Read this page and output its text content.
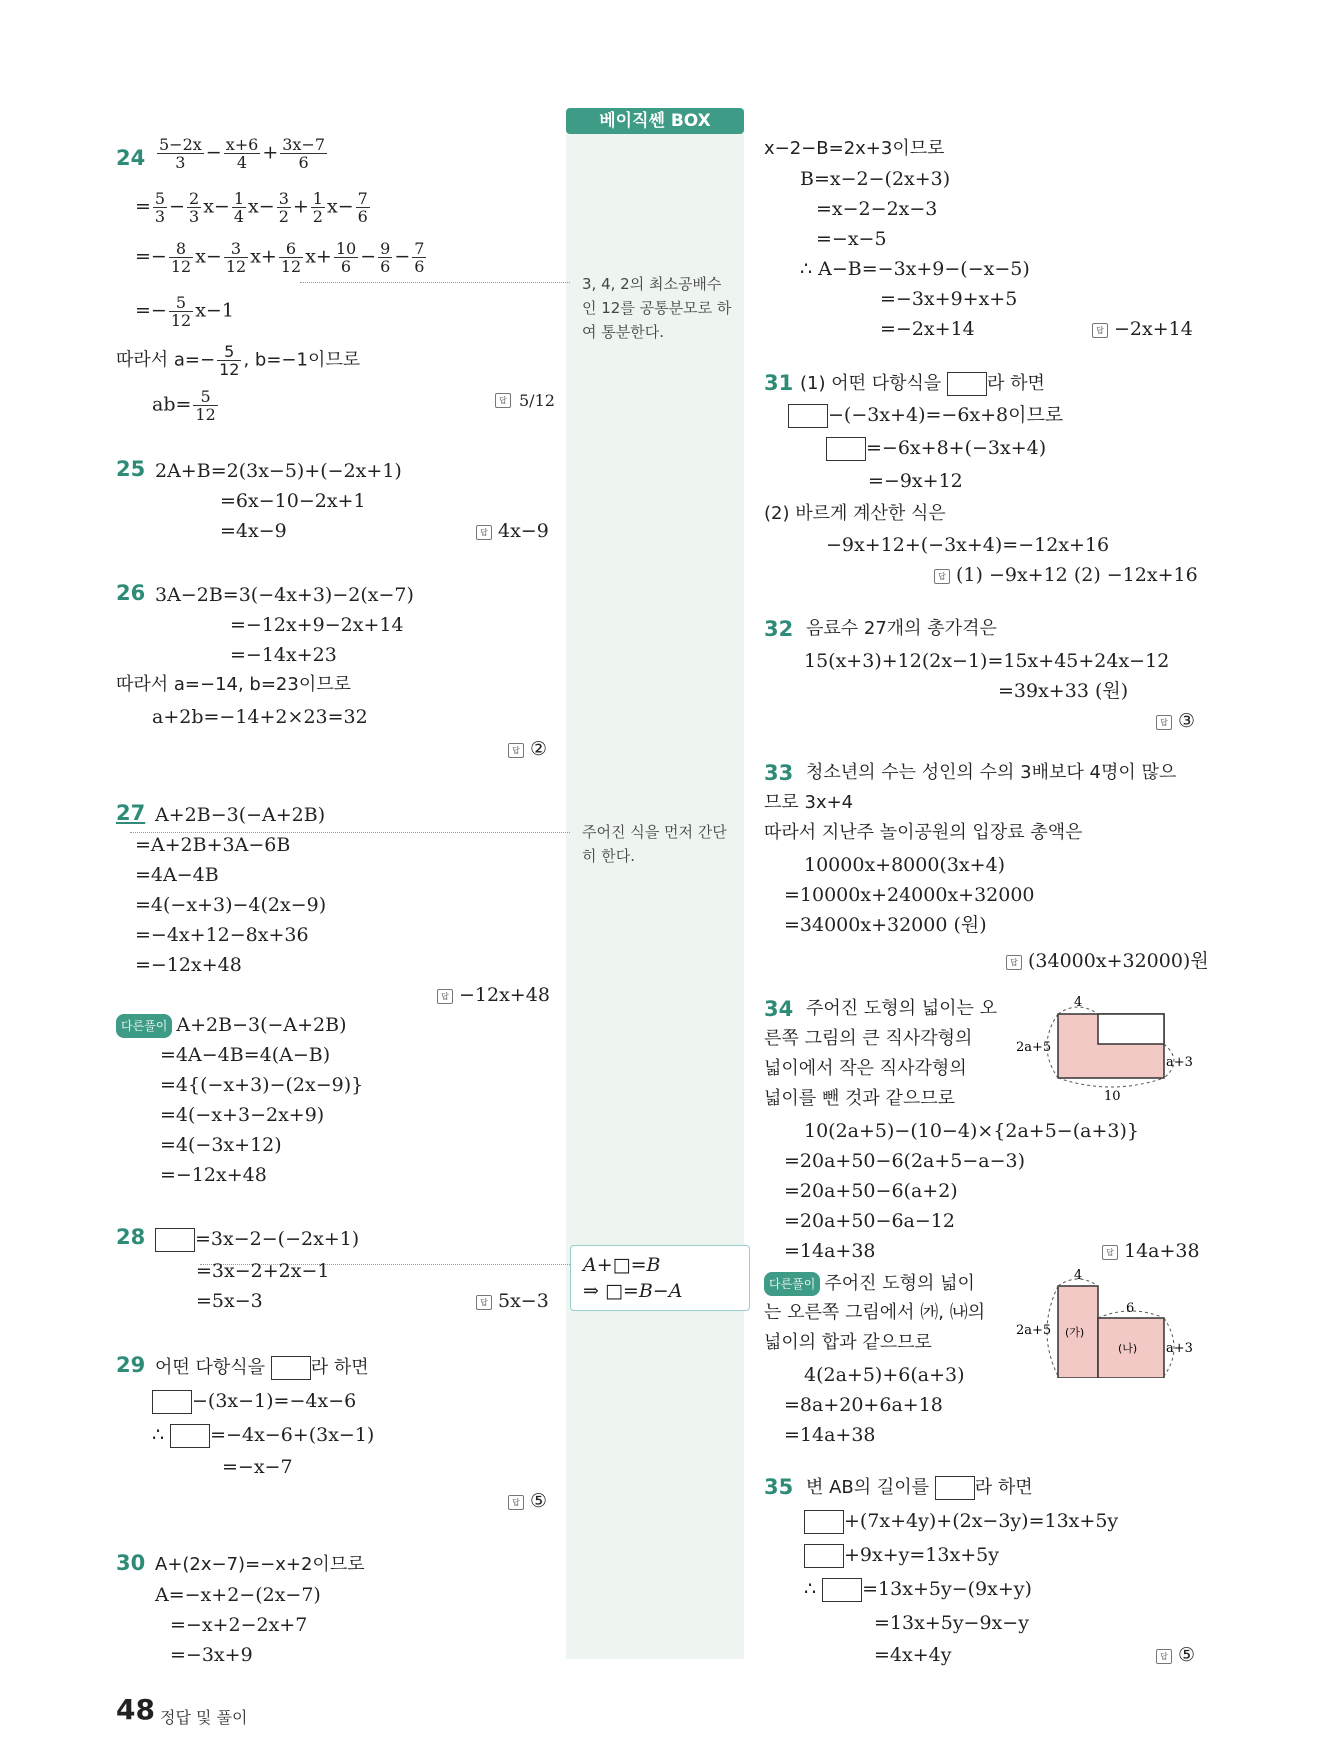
베이직쎈 BOX
3, 4, 2의 최소공배수
인 12를 공통분모로 하
여 통분한다.
주어진 식을 먼저 간단
히 한다.
A+□=B
⇒ □=B−A
$24 \frac{5-2x}{3} - \frac{x+6}{4} + \frac{3x-7}{6}$
= $\frac{5}{3} - \frac{2}{3} x- \frac{1}{4} x- \frac{3}{2} + \frac{1}{2} x- \frac{7}{6}$
=− $\frac{8}{12} x- \frac{3}{12} x+ \frac{6}{12} x+ \frac{10}{6} - \frac{9}{6} - \frac{7}{6}$
=− $\frac{5}{12} x-1$
따라서 $a=- \frac{5}{12}$ , b=−1이므로
$ab= \frac{5}{12}$	답 5/12
25 2A+B=2(3x−5)+(−2x+1)
=6x−10−2x+1
=4x−9	답 4x−9
26 3A−2B=3(−4x+3)−2(x−7)
=−12x+9−2x+14
=−14x+23
따라서 a=−14, b=23이므로
a+2b=−14+2×23=32
답 ②
27 A+2B−3(−A+2B)
=A+2B+3A−6B
=4A−4B
=4(−x+3)−4(2x−9)
=−4x+12−8x+36
=−12x+48
답 −12x+48
다른풀이 A+2B−3(−A+2B)
=4A−4B=4(A−B)
=4{(−x+3)−(2x−9)}
=4(−x+3−2x+9)
=4(−3x+12)
=−12x+48
28	=3x−2−(−2x+1)
=3x−2+2x−1
=5x−3	답 5x−3
29 어떤 다항식을	라 하면
−(3x−1)=−4x−6
∴ =−4x−6+(3x−1)
=−x−7
답 ⑤
30 A+(2x−7)=−x+2이므로
A=−x+2−(2x−7)
=−x+2−2x+7
=−3x+9
x−2−B=2x+3이므로
B=x−2−(2x+3)
=x−2−2x−3
=−x−5
∴ A−B=−3x+9−(−x−5)
=−3x+9+x+5
=−2x+14	답 −2x+14
31 (1) 어떤 다항식을	라 하면
−(−3x+4)=−6x+8이므로
=−6x+8+(−3x+4)
=−9x+12
(2) 바르게 계산한 식은
−9x+12+(−3x+4)=−12x+16
답 (1) −9x+12 (2) −12x+16
32 음료수 27개의 총가격은
15(x+3)+12(2x−1)=15x+45+24x−12
=39x+33 (원)
답 ③
33 청소년의 수는 성인의 수의 3배보다 4명이 많으
므로 3x+4
따라서 지난주 놀이공원의 입장료 총액은
10000x+8000(3x+4)
=10000x+24000x+32000
=34000x+32000 (원)
답 (34000x+32000)원
34 주어진 도형의 넓이는 오
른쪽 그림의 큰 직사각형의
넓이에서 작은 직사각형의
넓이를 뺀 것과 같으므로
4
2a+5
a+3
10
10(2a+5)−(10−4)×{2a+5−(a+3)}
=20a+50−6(2a+5−a−3)
=20a+50−6(a+2)
=20a+50−6a−12
=14a+38	답 14a+38
다른풀이 주어진 도형의 넓이
는 오른쪽 그림에서 ㈎, ㈏의
넓이의 합과 같으므로
4
6
2a+5
a+3
(가)
(나)
4(2a+5)+6(a+3)
=8a+20+6a+18
=14a+38
35 변 AB의 길이를	라 하면
+(7x+4y)+(2x−3y)=13x+5y
+9x+y=13x+5y
∴ =13x+5y−(9x+y)
=13x+5y−9x−y
=4x+4y	답 ⑤
48 정답 및 풀이
